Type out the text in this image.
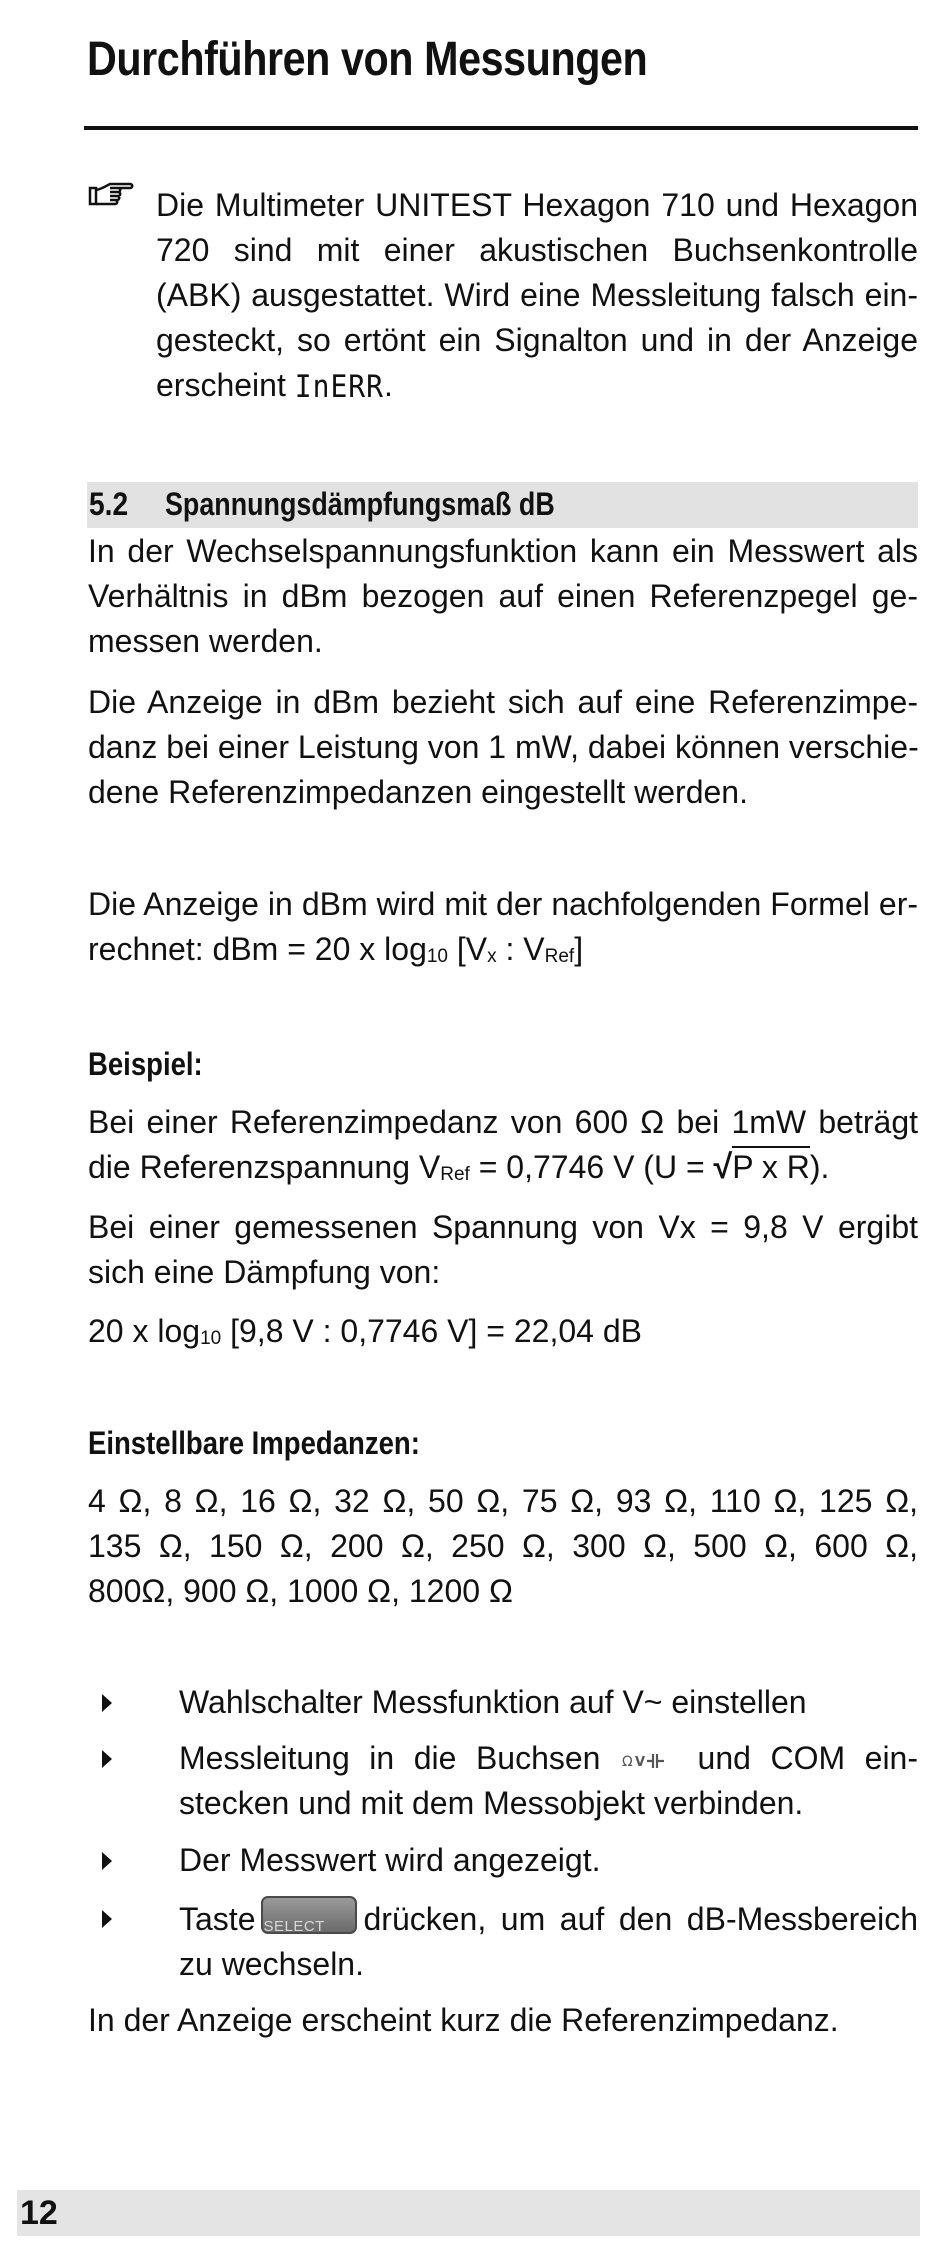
Durchführen von Messungen
Die Multimeter UNITEST Hexagon 710 und Hexagon
720 sind mit einer akustischen Buchsenkontrolle
(ABK) ausgestattet. Wird eine Messleitung falsch ein-
gesteckt, so ertönt ein Signalton und in der Anzeige
erscheint InERR.
5.2 Spannungsdämpfungsmaß dB
In der Wechselspannungsfunktion kann ein Messwert als
Verhältnis in dBm bezogen auf einen Referenzpegel ge-
messen werden.
Die Anzeige in dBm bezieht sich auf eine Referenzimpe-
danz bei einer Leistung von 1 mW, dabei können verschie-
dene Referenzimpedanzen eingestellt werden.
Die Anzeige in dBm wird mit der nachfolgenden Formel er-
rechnet: dBm = 20 x log10 [Vx : VRef]
Beispiel:
Bei einer Referenzimpedanz von 600 Ω bei 1mW beträgt
die Referenzspannung VRef = 0,7746 V (U = √P x R).
Bei einer gemessenen Spannung von Vx = 9,8 V ergibt
sich eine Dämpfung von:
20 x log10 [9,8 V : 0,7746 V] = 22,04 dB
Einstellbare Impedanzen:
4 Ω, 8 Ω, 16 Ω, 32 Ω, 50 Ω, 75 Ω, 93 Ω, 110 Ω, 125 Ω,
135 Ω, 150 Ω, 200 Ω, 250 Ω, 300 Ω, 500 Ω, 600 Ω,
800Ω, 900 Ω, 1000 Ω, 1200 Ω
Wahlschalter Messfunktion auf V~ einstellen
Messleitung in die Buchsen Ω V und COM ein-
stecken und mit dem Messobjekt verbinden.
Der Messwert wird angezeigt.
Taste SELECT	drücken, um auf den dB-Messbereich
zu wechseln.
In der Anzeige erscheint kurz die Referenzimpedanz.
12
